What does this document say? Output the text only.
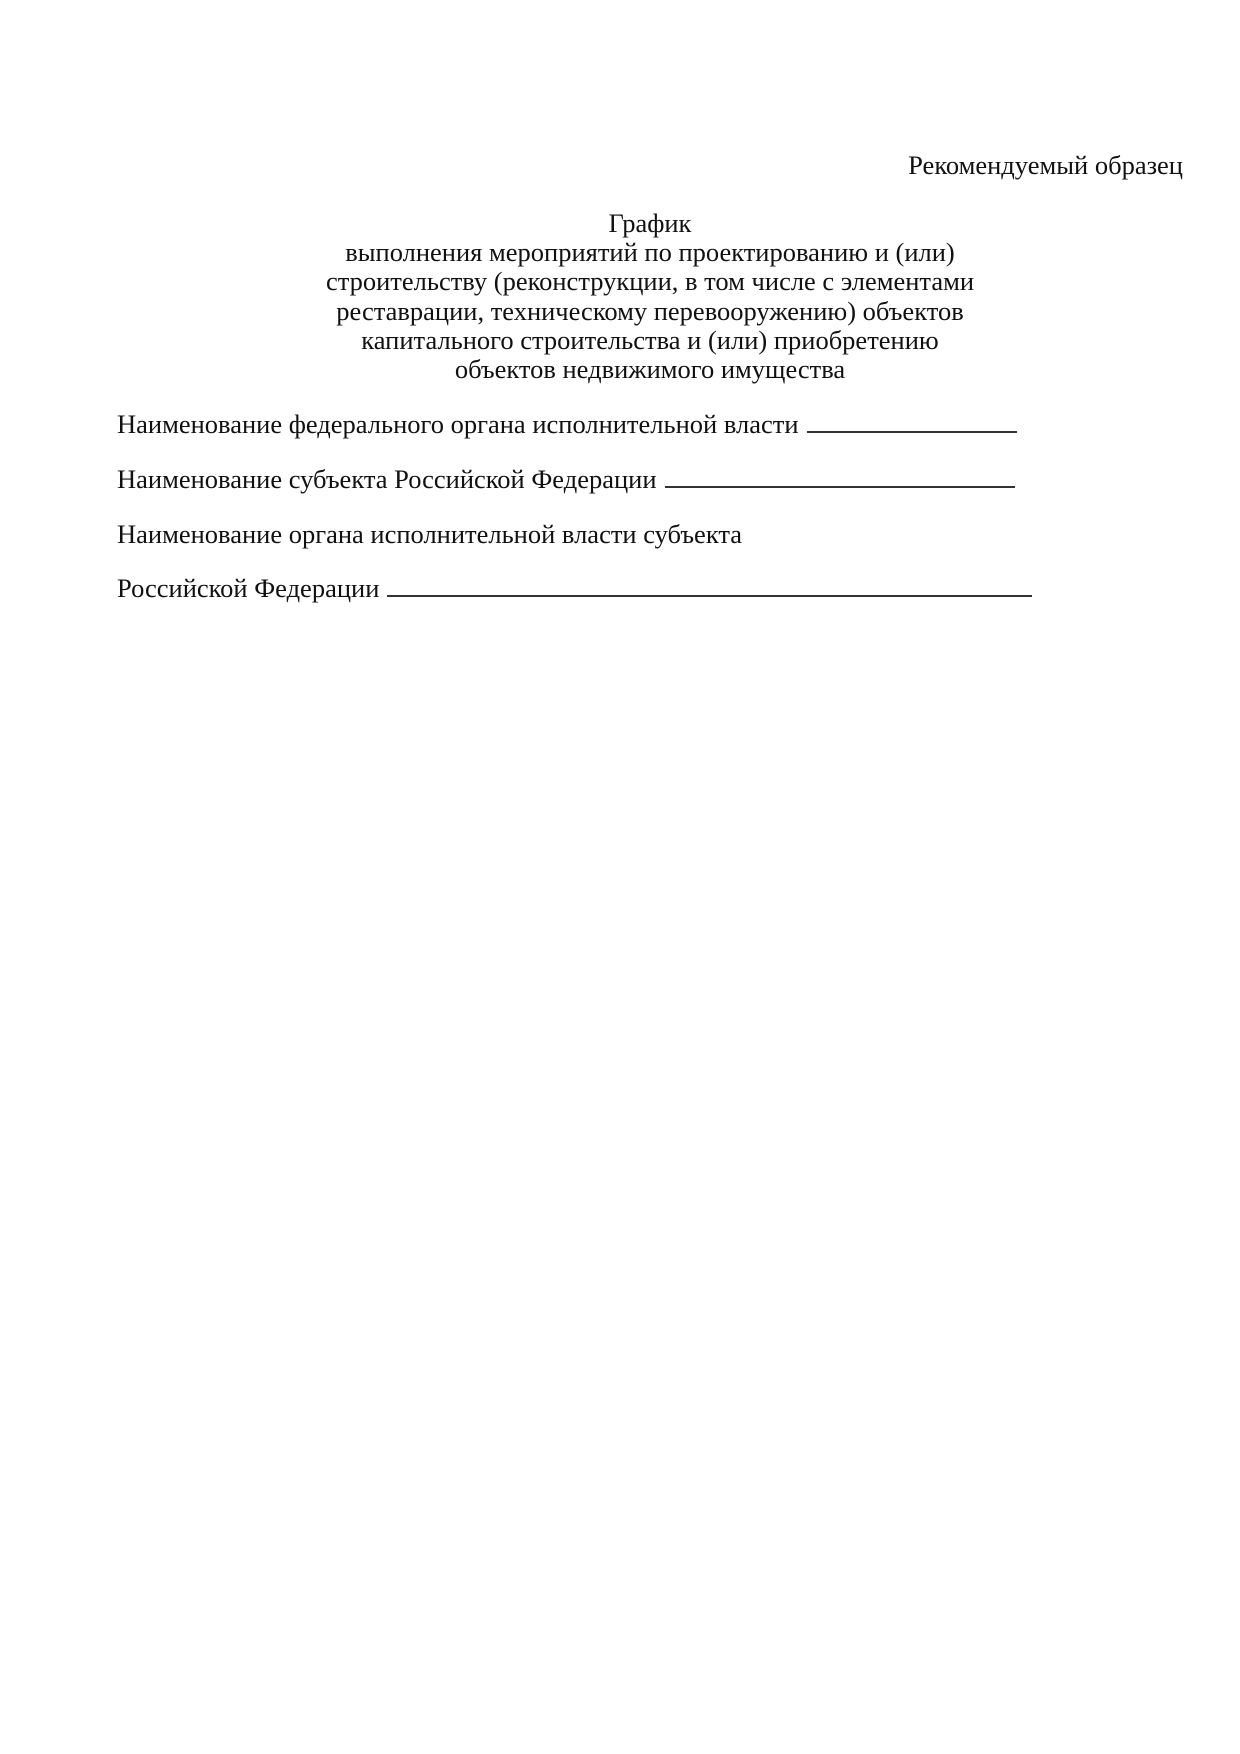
Рекомендуемый образец
График
выполнения мероприятий по проектированию и (или)
строительству (реконструкции, в том числе с элементами
реставрации, техническому перевооружению) объектов
капитального строительства и (или) приобретению
объектов недвижимого имущества
Наименование федерального органа исполнительной власти
Наименование субъекта Российской Федерации
Наименование органа исполнительной власти субъекта
Российской Федерации
